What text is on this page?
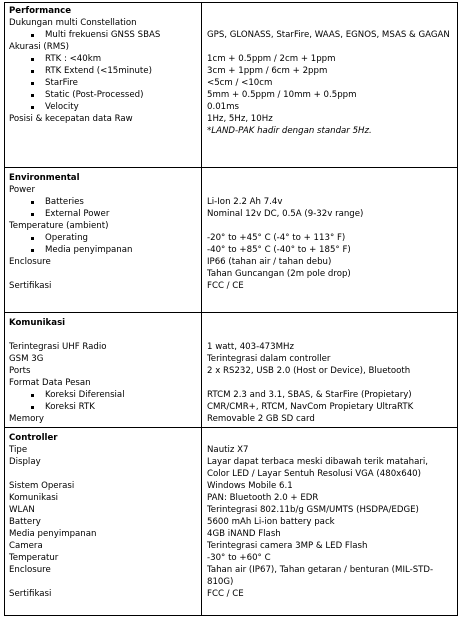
Performance
Dukungan multi Constellation
Multi frekuensi GNSS SBAS	GPS, GLONASS, StarFire, WAAS, EGNOS, MSAS & GAGAN
Akurasi (RMS)
RTK : <40km	1cm + 0.5ppm / 2cm + 1ppm
RTK Extend (<15minute)	3cm + 1ppm / 6cm + 2ppm
StarFire	<5cm / <10cm
Static (Post-Processed)	5mm + 0.5ppm / 10mm + 0.5ppm
Velocity	0.01ms
Posisi & kecepatan data Raw	1Hz, 5Hz, 10Hz
*LAND-PAK hadir dengan standar 5Hz.
Environmental
Power
Batteries	Li-Ion 2.2 Ah 7.4v
External Power	Nominal 12v DC, 0.5A (9-32v range)
Temperature (ambient)
Operating	-20° to +45° C (-4° to + 113° F)
Media penyimpanan	-40° to +85° C (-40° to + 185° F)
Enclosure	IP66 (tahan air / tahan debu)
Tahan Guncangan (2m pole drop)
Sertifikasi	FCC / CE
Komunikasi
Terintegrasi UHF Radio	1 watt, 403-473MHz
GSM 3G	Terintegrasi dalam controller
Ports	2 x RS232, USB 2.0 (Host or Device), Bluetooth
Format Data Pesan
Koreksi Diferensial	RTCM 2.3 and 3.1, SBAS, & StarFire (Propietary)
Koreksi RTK	CMR/CMR+, RTCM, NavCom Propietary UltraRTK
Memory	Removable 2 GB SD card
Controller
Tipe	Nautiz X7
Display	Layar dapat terbaca meski dibawah terik matahari,
Color LED / Layar Sentuh Resolusi VGA (480x640)
Sistem Operasi	Windows Mobile 6.1
Komunikasi	PAN: Bluetooth 2.0 + EDR
WLAN	Terintegrasi 802.11b/g GSM/UMTS (HSDPA/EDGE)
Battery	5600 mAh Li-ion battery pack
Media penyimpanan	4GB iNAND Flash
Camera	Terintegrasi camera 3MP & LED Flash
Temperatur	-30° to +60° C
Enclosure	Tahan air (IP67), Tahan getaran / benturan (MIL-STD-
810G)
Sertifikasi	FCC / CE
